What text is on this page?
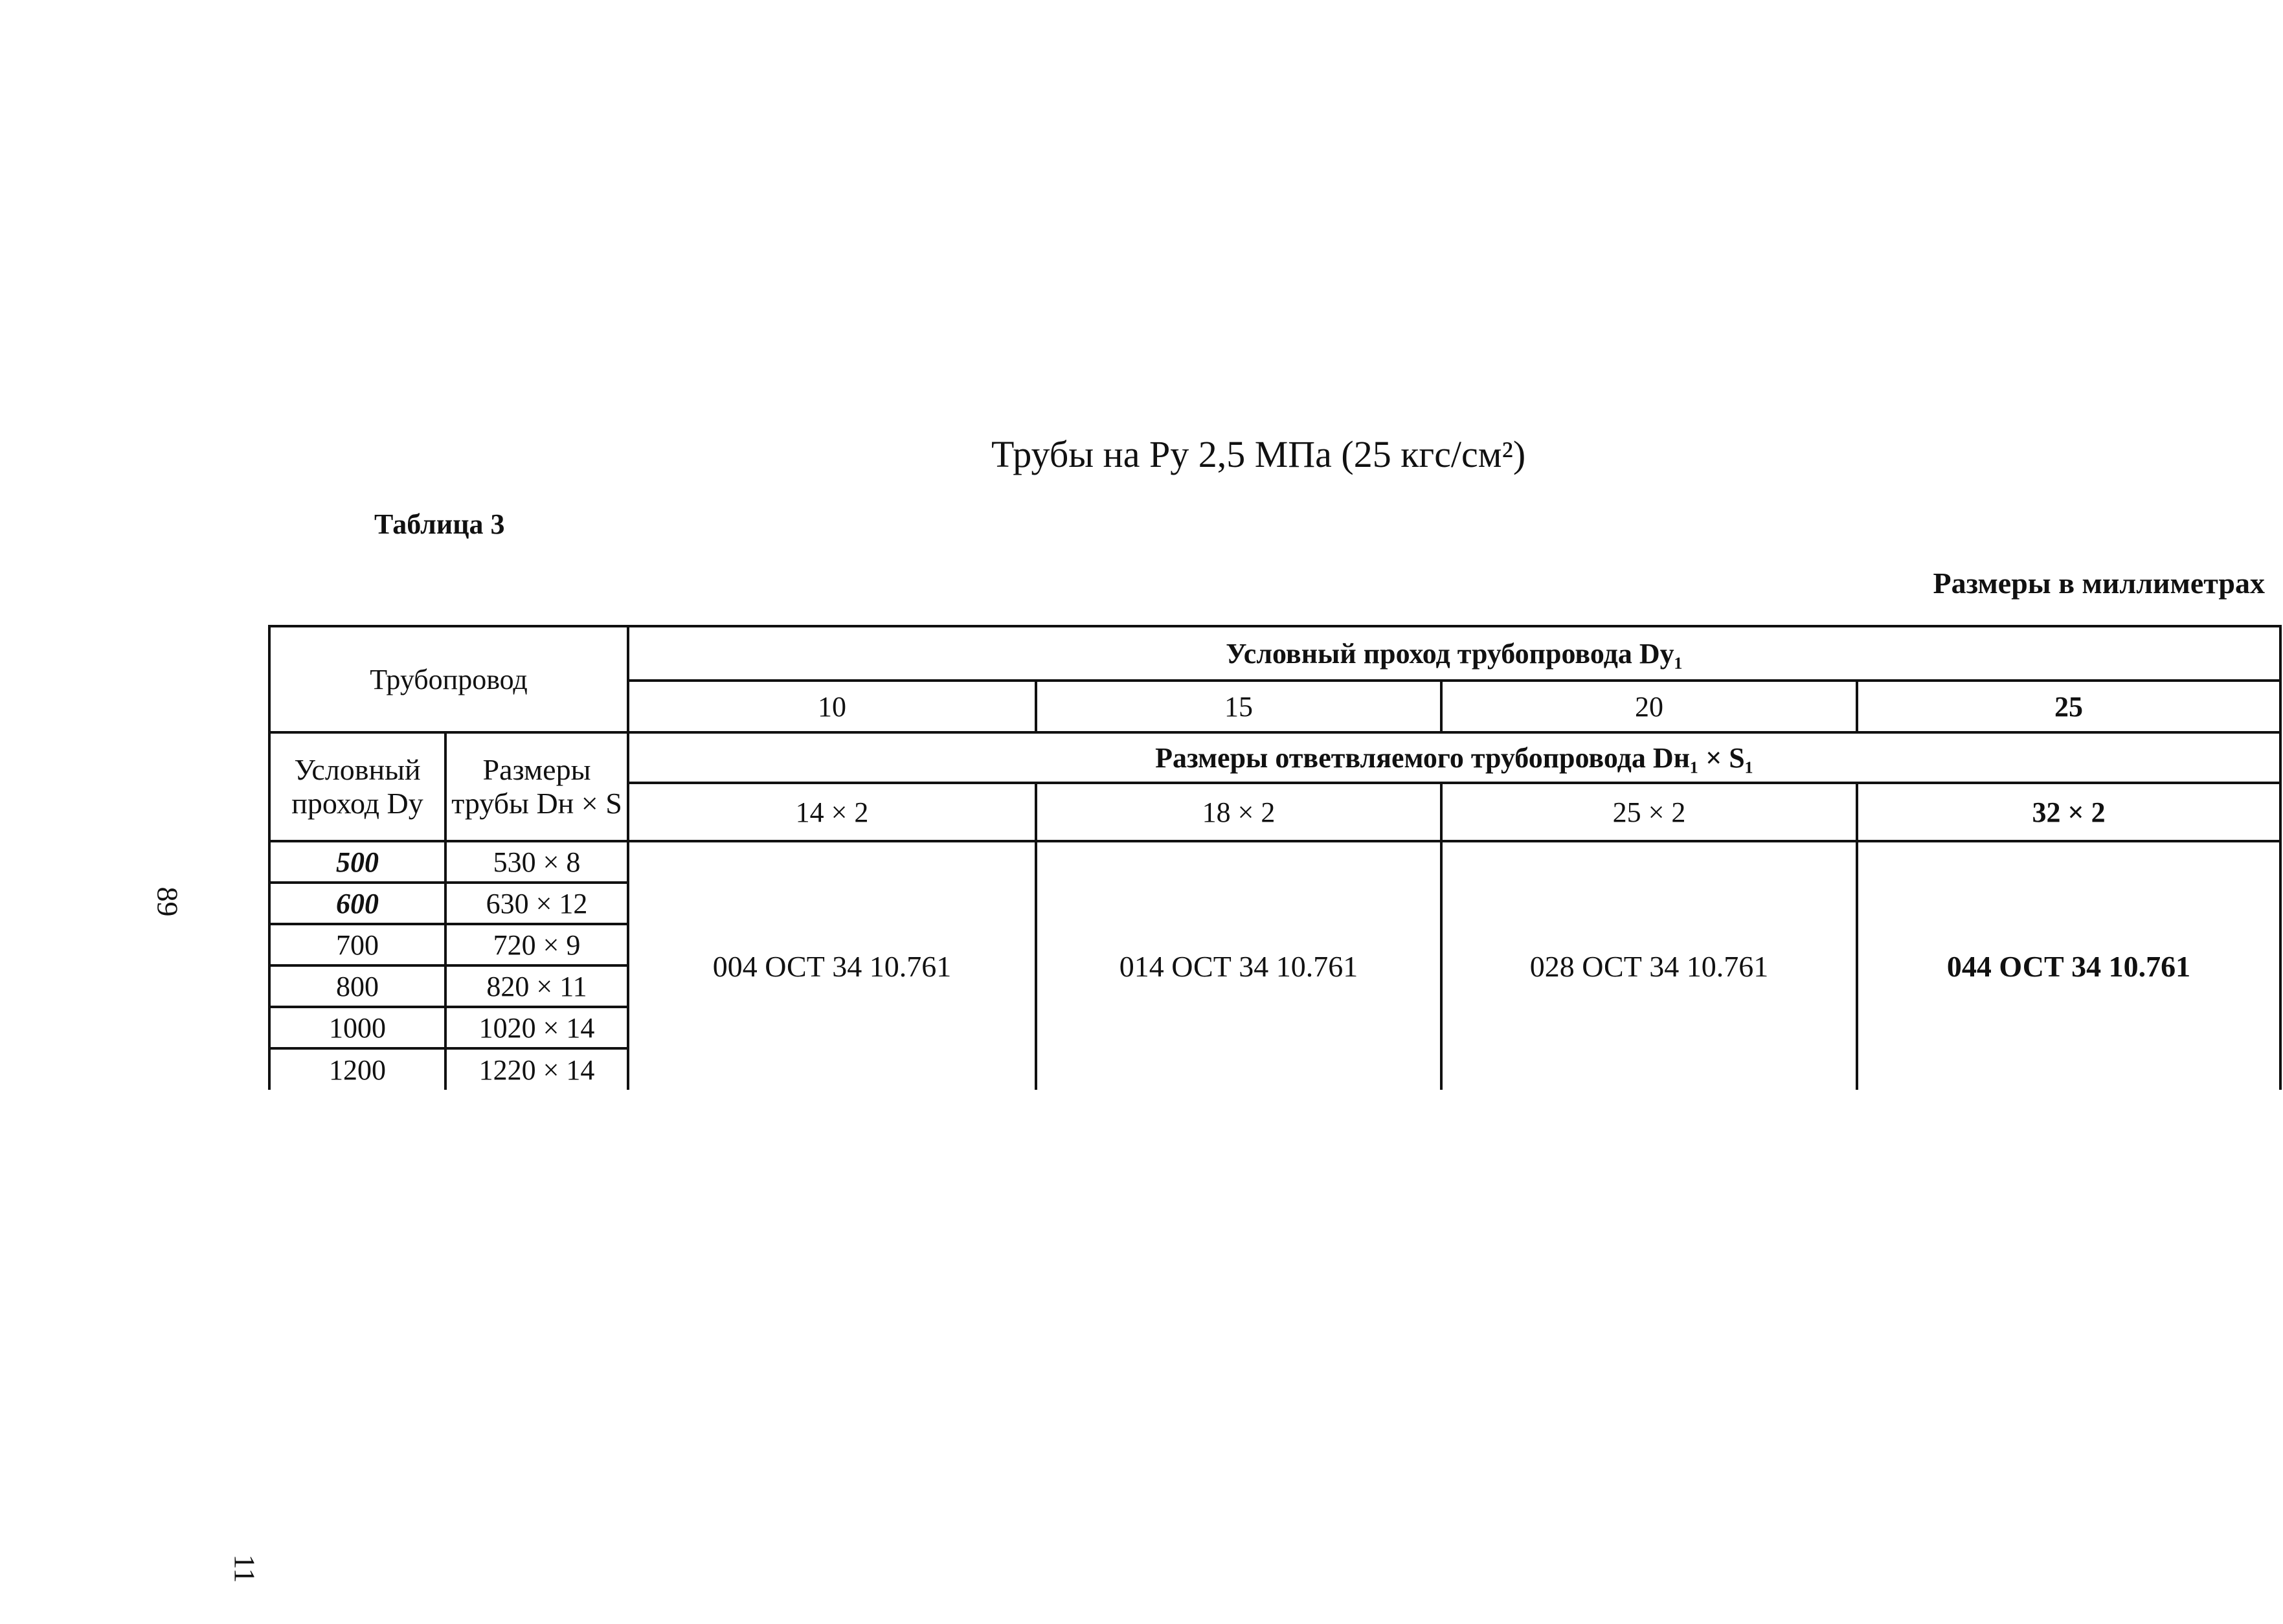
Трубы на Ру 2,5 МПа (25 кгс/см²)
Таблица 3
Размеры в миллиметрах
89
11
Трубопровод		Условный проход трубопровода Dy₁			
		10	15	20	25
Условный проход Dy	Размеры трубы Dн × S	Размеры ответвляемого трубопровода Dн₁ × S₁			
		14 × 2	18 × 2	25 × 2	32 × 2
500	530 × 8	004 ОСТ 34 10.761	014 ОСТ 34 10.761	028 ОСТ 34 10.761	044 ОСТ 34 10.761
600	630 × 12				
700	720 × 9				
800	820 × 11				
1000	1020 × 14				
1200	1220 × 14				
